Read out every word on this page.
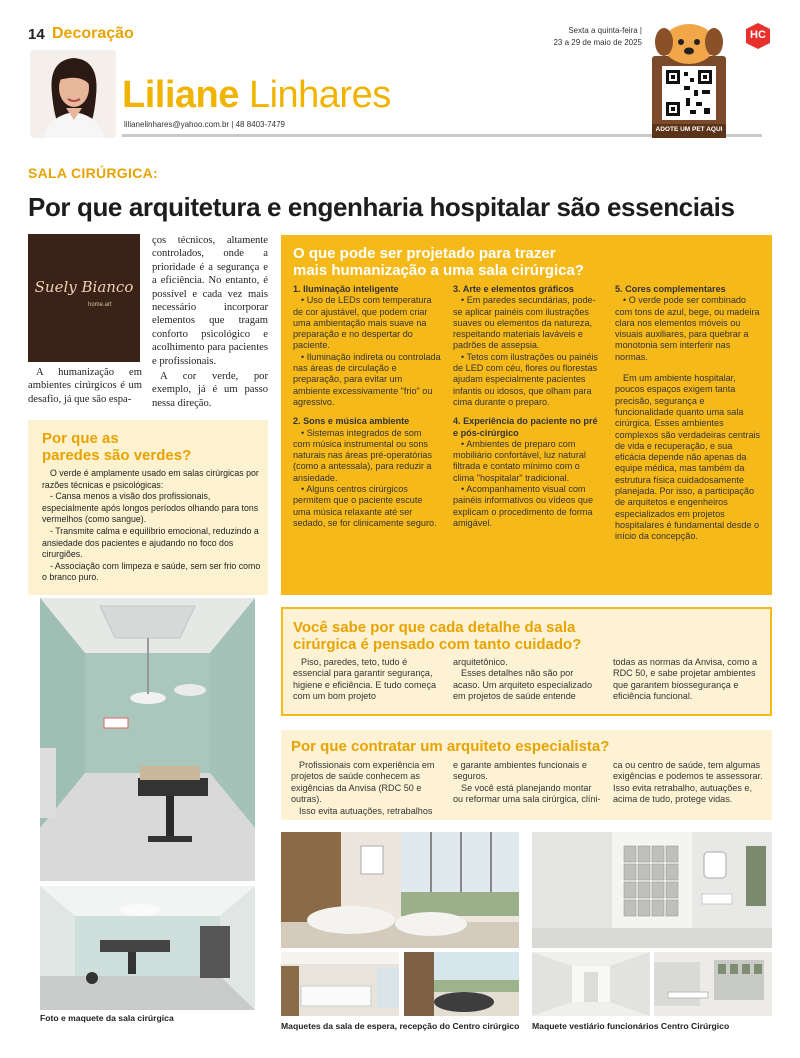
14 Decoração
Liliane Linhares
lilianelinhares@yahoo.com.br | 48 8403-7479
Sexta a quinta-feira |
23 a 29 de maio de 2025
ADOTE UM PET AQUI
HC
SALA CIRÚRGICA:
Por que arquitetura e engenharia hospitalar são essenciais
Suely Bianco
home.art
A humanização em ambientes cirúrgicos é um desafio, já que são espa-

ços técnicos, altamente controlados, onde a prioridade é a segurança e a eficiência. No entanto, é possível e cada vez mais necessário incorporar elementos que tragam conforto psicológico e acolhimento para pacientes e profissionais.

A cor verde, por exemplo, já é um passo nessa direção.

Por que as
paredes são verdes?

O verde é amplamente usado em salas cirúrgicas por razões técnicas e psicológicas:

- Cansa menos a visão dos profissionais, especialmente após longos períodos olhando para tons vermelhos (como sangue).

- Transmite calma e equilíbrio emocional, reduzindo a ansiedade dos pacientes e ajudando no foco dos cirurgiões.

- Associação com limpeza e saúde, sem ser frio como o branco puro.

Foto e maquete da sala cirúrgica
O que pode ser projetado para trazer
mais humanização a uma sala cirúrgica?
1. Iluminação inteligente

• Uso de LEDs com temperatura de cor ajustável, que podem criar uma ambientação mais suave na preparação e no despertar do paciente.

• Iluminação indireta ou controlada nas áreas de circulação e preparação, para evitar um ambiente excessivamente "frio" ou agressivo.

2. Sons e música ambiente

• Sistemas integrados de som com música instrumental ou sons naturais nas áreas pré-operatórias (como a antessala), para reduzir a ansiedade.

• Alguns centros cirúrgicos permitem que o paciente escute uma música relaxante até ser sedado, se for clinicamente seguro.

3. Arte e elementos gráficos

• Em paredes secundárias, pode-se aplicar painéis com ilustrações suaves ou elementos da natureza, respeitando materiais laváveis e padrões de assepsia.

• Tetos com ilustrações ou painéis de LED com céu, flores ou florestas ajudam especialmente pacientes infantis ou idosos, que olham para cima durante o preparo.

4. Experiência do paciente no pré e pós-cirúrgico

• Ambientes de preparo com mobiliário confortável, luz natural filtrada e contato mínimo com o clima "hospitalar" tradicional.

• Acompanhamento visual com painéis informativos ou vídeos que explicam o procedimento de forma amigável.

5. Cores complementares

• O verde pode ser combinado com tons de azul, bege, ou madeira clara nos elementos móveis ou visuais auxiliares, para quebrar a monotonia sem interferir nas normas.

Em um ambiente hospitalar, poucos espaços exigem tanta precisão, segurança e funcionalidade quanto uma sala cirúrgica. Esses ambientes complexos são verdadeiras centrais de vida e recuperação, e sua eficácia depende não apenas da equipe médica, mas também da estrutura física cuidadosamente planejada. Por isso, a participação de arquitetos e engenheiros especializados em projetos hospitalares é fundamental desde o início da concepção.

Você sabe por que cada detalhe da sala
cirúrgica é pensado com tanto cuidado?

Piso, paredes, teto, tudo é essencial para garantir segurança, higiene e eficiência. E tudo começa com um bom projeto

arquitetônico.

Esses detalhes não são por acaso. Um arquiteto especializado em projetos de saúde entende

todas as normas da Anvisa, como a RDC 50, e sabe projetar ambientes que garantem biossegurança e eficiência funcional.

Por que contratar um arquiteto especialista?

Profissionais com experiência em projetos de saúde conhecem as exigências da Anvisa (RDC 50 e outras).

Isso evita autuações, retrabalhos

e garante ambientes funcionais e seguros.

Se você está planejando montar ou reformar uma sala cirúrgica, clíni-

ca ou centro de saúde, tem algumas exigências e podemos te assessorar. Isso evita retrabalho, autuações e, acima de tudo, protege vidas.

Maquetes da sala de espera, recepção do Centro cirúrgico Maquete vestiário funcionários Centro Cirúrgico
